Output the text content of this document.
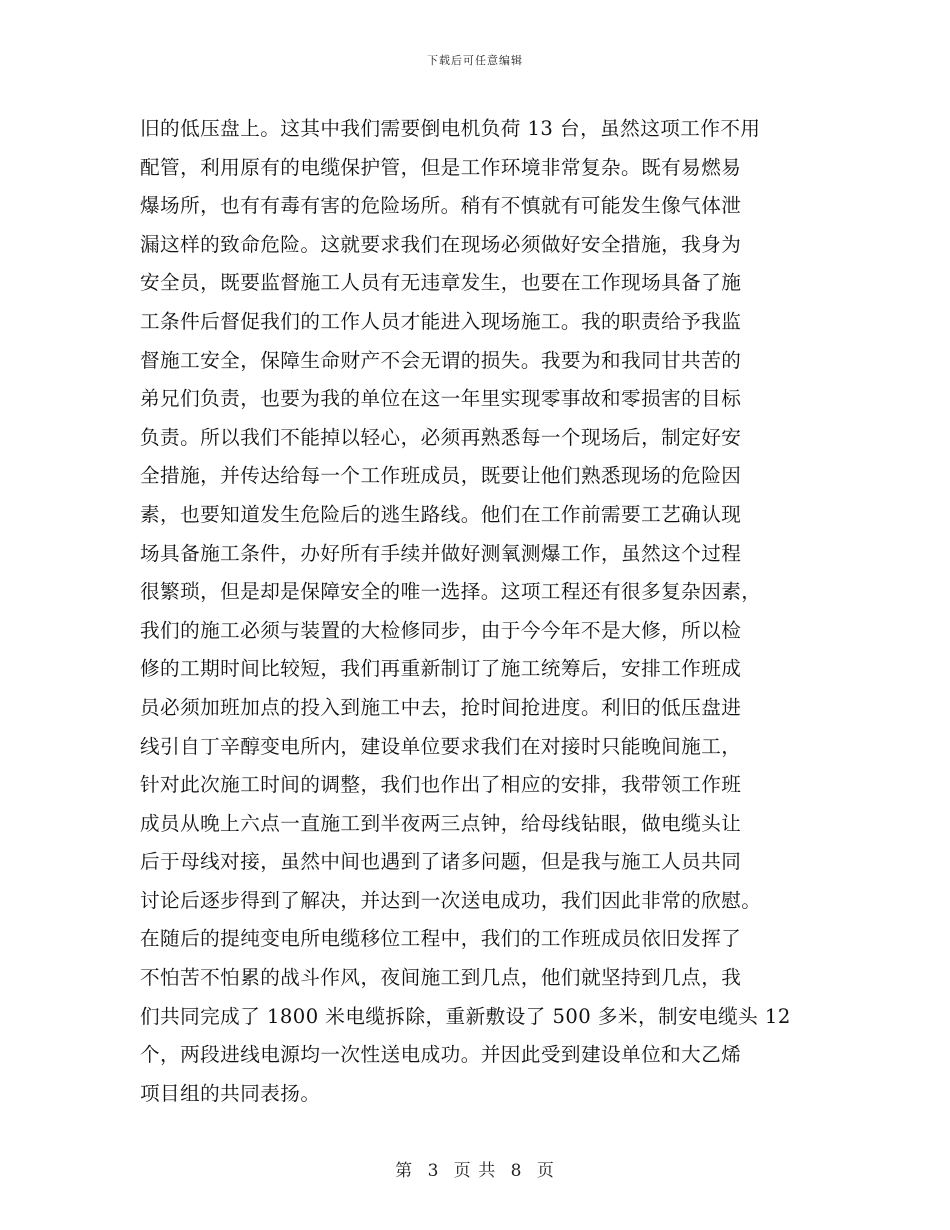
下载后可任意编辑
旧的低压盘上。这其中我们需要倒电机负荷 13 台，虽然这项工作不用
配管，利用原有的电缆保护管，但是工作环境非常复杂。既有易燃易
爆场所，也有有毒有害的危险场所。稍有不慎就有可能发生像气体泄
漏这样的致命危险。这就要求我们在现场必须做好安全措施，我身为
安全员，既要监督施工人员有无违章发生，也要在工作现场具备了施
工条件后督促我们的工作人员才能进入现场施工。我的职责给予我监
督施工安全，保障生命财产不会无谓的损失。我要为和我同甘共苦的
弟兄们负责，也要为我的单位在这一年里实现零事故和零损害的目标
负责。所以我们不能掉以轻心，必须再熟悉每一个现场后，制定好安
全措施，并传达给每一个工作班成员，既要让他们熟悉现场的危险因
素，也要知道发生危险后的逃生路线。他们在工作前需要工艺确认现
场具备施工条件，办好所有手续并做好测氧测爆工作，虽然这个过程
很繁琐，但是却是保障安全的唯一选择。这项工程还有很多复杂因素，
我们的施工必须与装置的大检修同步，由于今今年不是大修，所以检
修的工期时间比较短，我们再重新制订了施工统筹后，安排工作班成
员必须加班加点的投入到施工中去，抢时间抢进度。利旧的低压盘进
线引自丁辛醇变电所内，建设单位要求我们在对接时只能晚间施工，
针对此次施工时间的调整，我们也作出了相应的安排，我带领工作班
成员从晚上六点一直施工到半夜两三点钟，给母线钻眼，做电缆头让
后于母线对接，虽然中间也遇到了诸多问题，但是我与施工人员共同
讨论后逐步得到了解决，并达到一次送电成功，我们因此非常的欣慰。
在随后的提纯变电所电缆移位工程中，我们的工作班成员依旧发挥了
不怕苦不怕累的战斗作风，夜间施工到几点，他们就坚持到几点，我
们共同完成了 1800 米电缆拆除，重新敷设了 500 多米，制安电缆头 12
个，两段进线电源均一次性送电成功。并因此受到建设单位和大乙烯
项目组的共同表扬。
第 3 页 共 8 页
